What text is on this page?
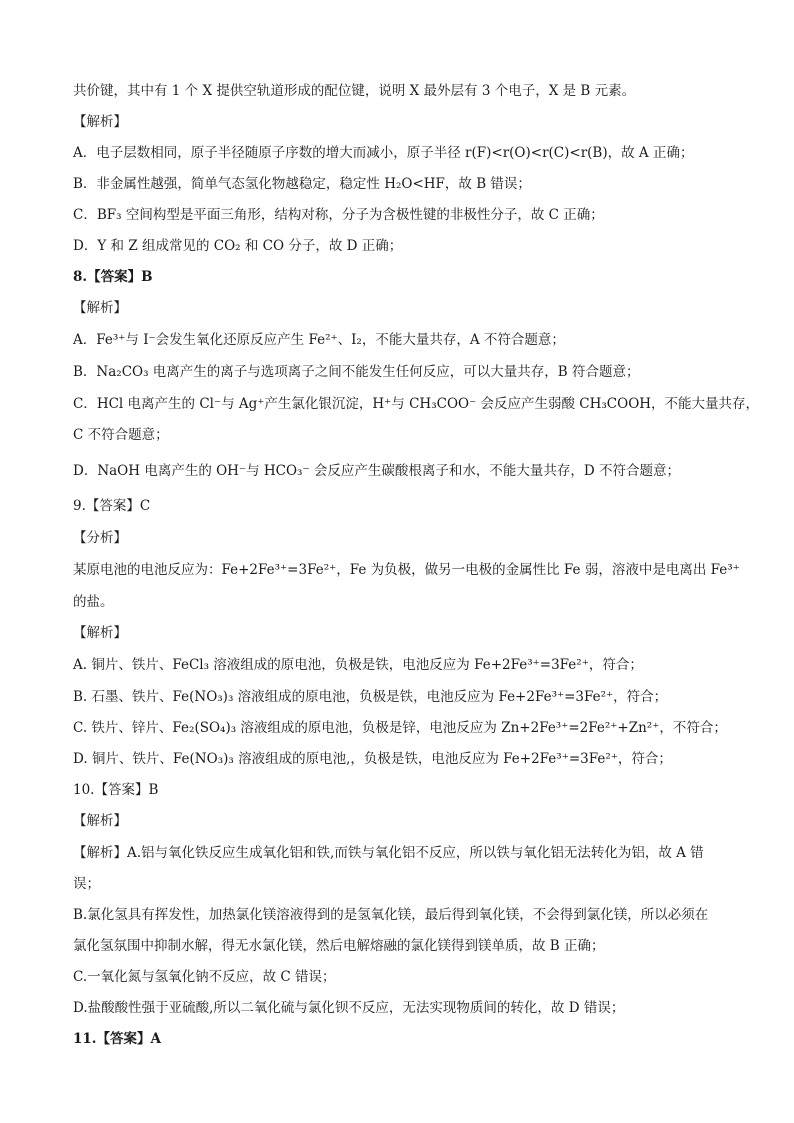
共价键，其中有 1 个 X 提供空轨道形成的配位键，说明 X 最外层有 3 个电子，X 是 B 元素。
【解析】
A．电子层数相同，原子半径随原子序数的增大而减小，原子半径 r(F)<r(O)<r(C)<r(B)，故 A 正确；
B．非金属性越强，简单气态氢化物越稳定，稳定性 H₂O<HF，故 B 错误；
C．BF₃ 空间构型是平面三角形，结构对称，分子为含极性键的非极性分子，故 C 正确；
D．Y 和 Z 组成常见的 CO₂ 和 CO 分子，故 D 正确；
8.【答案】B
【解析】
A．Fe³⁺与 I⁻会发生氧化还原反应产生 Fe²⁺、I₂，不能大量共存，A 不符合题意；
B．Na₂CO₃ 电离产生的离子与选项离子之间不能发生任何反应，可以大量共存，B 符合题意；
C．HCl 电离产生的 Cl⁻与 Ag⁺产生氯化银沉淀，H⁺与 CH₃COO⁻ 会反应产生弱酸 CH₃COOH，不能大量共存，
C 不符合题意；
D．NaOH 电离产生的 OH⁻与 HCO₃⁻ 会反应产生碳酸根离子和水，不能大量共存，D 不符合题意；
9.【答案】C
【分析】
某原电池的电池反应为：Fe+2Fe³⁺=3Fe²⁺，Fe 为负极，做另一电极的金属性比 Fe 弱，溶液中是电离出 Fe³⁺
的盐。
【解析】
A. 铜片、铁片、FeCl₃ 溶液组成的原电池，负极是铁，电池反应为 Fe+2Fe³⁺=3Fe²⁺，符合；
B. 石墨、铁片、Fe(NO₃)₃ 溶液组成的原电池，负极是铁，电池反应为 Fe+2Fe³⁺=3Fe²⁺，符合；
C. 铁片、锌片、Fe₂(SO₄)₃ 溶液组成的原电池，负极是锌，电池反应为 Zn+2Fe³⁺=2Fe²⁺+Zn²⁺，不符合；
D. 铜片、铁片、Fe(NO₃)₃ 溶液组成的原电池,，负极是铁，电池反应为 Fe+2Fe³⁺=3Fe²⁺，符合；
10.【答案】B
【解析】
【解析】A.铝与氧化铁反应生成氧化铝和铁,而铁与氧化铝不反应，所以铁与氧化铝无法转化为铝，故 A 错
误；
B.氯化氢具有挥发性，加热氯化镁溶液得到的是氢氧化镁，最后得到氧化镁，不会得到氯化镁，所以必须在
氯化氢氛围中抑制水解，得无水氯化镁，然后电解熔融的氯化镁得到镁单质，故 B 正确；
C.一氧化氮与氢氧化钠不反应，故 C 错误；
D.盐酸酸性强于亚硫酸,所以二氧化硫与氯化钡不反应，无法实现物质间的转化，故 D 错误；
11.【答案】A
